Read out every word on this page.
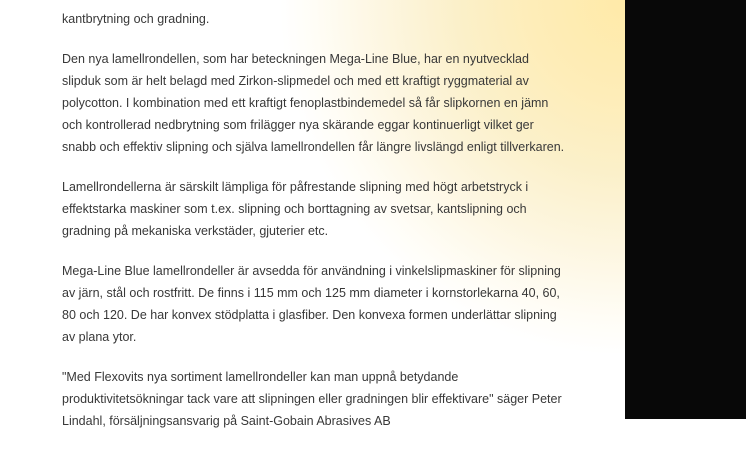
kantbrytning och gradning.
Den nya lamellrondellen, som har beteckningen Mega-Line Blue, har en nyutvecklad
slipduk som är helt belagd med Zirkon-slipmedel och med ett kraftigt ryggmaterial av
polycotton. I kombination med ett kraftigt fenoplastbindemedel så får slipkornen en jämn
och kontrollerad nedbrytning som frilägger nya skärande eggar kontinuerligt vilket ger
snabb och effektiv slipning och själva lamellrondellen får längre livslängd enligt tillverkaren.
Lamellrondellerna är särskilt lämpliga för påfrestande slipning med högt arbetstryck i
effektstarka maskiner som t.ex. slipning och borttagning av svetsar, kantslipning och
gradning på mekaniska verkstäder, gjuterier etc.
Mega-Line Blue lamellrondeller är avsedda för användning i vinkelslipmaskiner för slipning
av järn, stål och rostfritt. De finns i 115 mm och 125 mm diameter i kornstorlekarna 40, 60,
80 och 120. De har konvex stödplatta i glasfiber. Den konvexa formen underlättar slipning
av plana ytor.
"Med Flexovits nya sortiment lamellrondeller kan man uppnå betydande
produktivitetsökningar tack vare att slipningen eller gradningen blir effektivare" säger Peter
Lindahl, försäljningsansvarig på Saint-Gobain Abrasives AB
